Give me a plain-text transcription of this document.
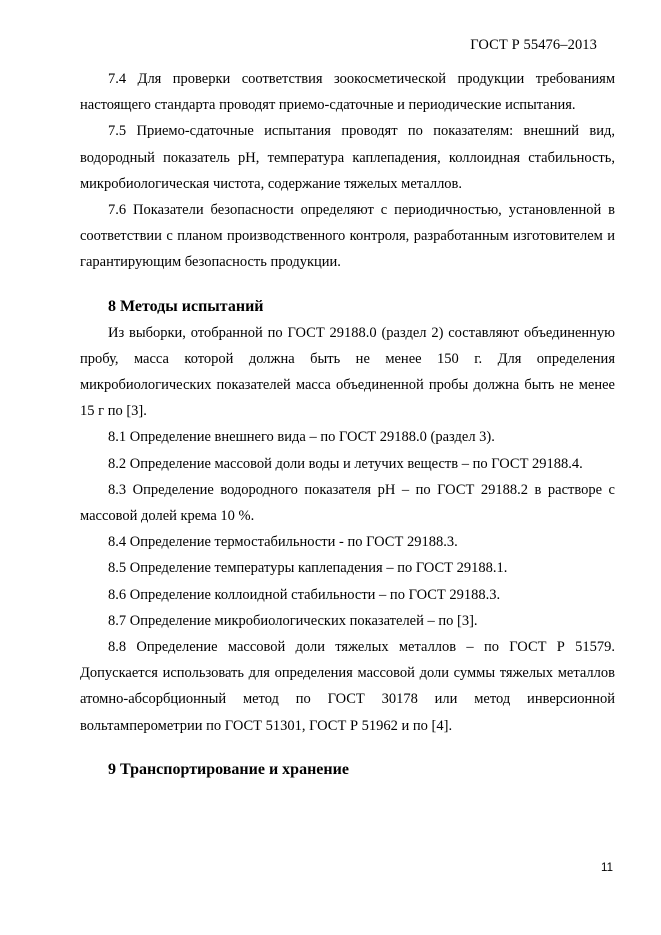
ГОСТ Р 55476–2013

7.4 Для проверки соответствия зоокосметической продукции требованиям настоящего стандарта проводят приемо-сдаточные и периодические испытания.

7.5 Приемо-сдаточные испытания проводят по показателям: внешний вид, водородный показатель pH, температура каплепадения, коллоидная стабильность, микробиологическая чистота, содержание тяжелых металлов.

7.6 Показатели безопасности определяют с периодичностью, установленной в соответствии с планом производственного контроля, разработанным изготовителем и гарантирующим безопасность продукции.

8 Методы испытаний

Из выборки, отобранной по ГОСТ 29188.0 (раздел 2) составляют объединенную пробу, масса которой должна быть не менее 150 г. Для определения микробиологических показателей масса объединенной пробы должна быть не менее 15 г по [3].

8.1 Определение внешнего вида – по ГОСТ 29188.0 (раздел 3).

8.2 Определение массовой доли воды и летучих веществ – по ГОСТ 29188.4.

8.3 Определение водородного показателя pH – по ГОСТ 29188.2 в растворе с массовой долей крема 10 %.

8.4 Определение термостабильности - по ГОСТ 29188.3.

8.5 Определение температуры каплепадения – по ГОСТ 29188.1.

8.6 Определение коллоидной стабильности – по ГОСТ 29188.3.

8.7 Определение микробиологических показателей – по [3].

8.8 Определение массовой доли тяжелых металлов – по ГОСТ Р 51579. Допускается использовать для определения массовой доли суммы тяжелых металлов атомно-абсорбционный метод по ГОСТ 30178 или метод инверсионной вольтамперометрии по ГОСТ 51301, ГОСТ Р 51962 и по [4].

9 Транспортирование и хранение
11
